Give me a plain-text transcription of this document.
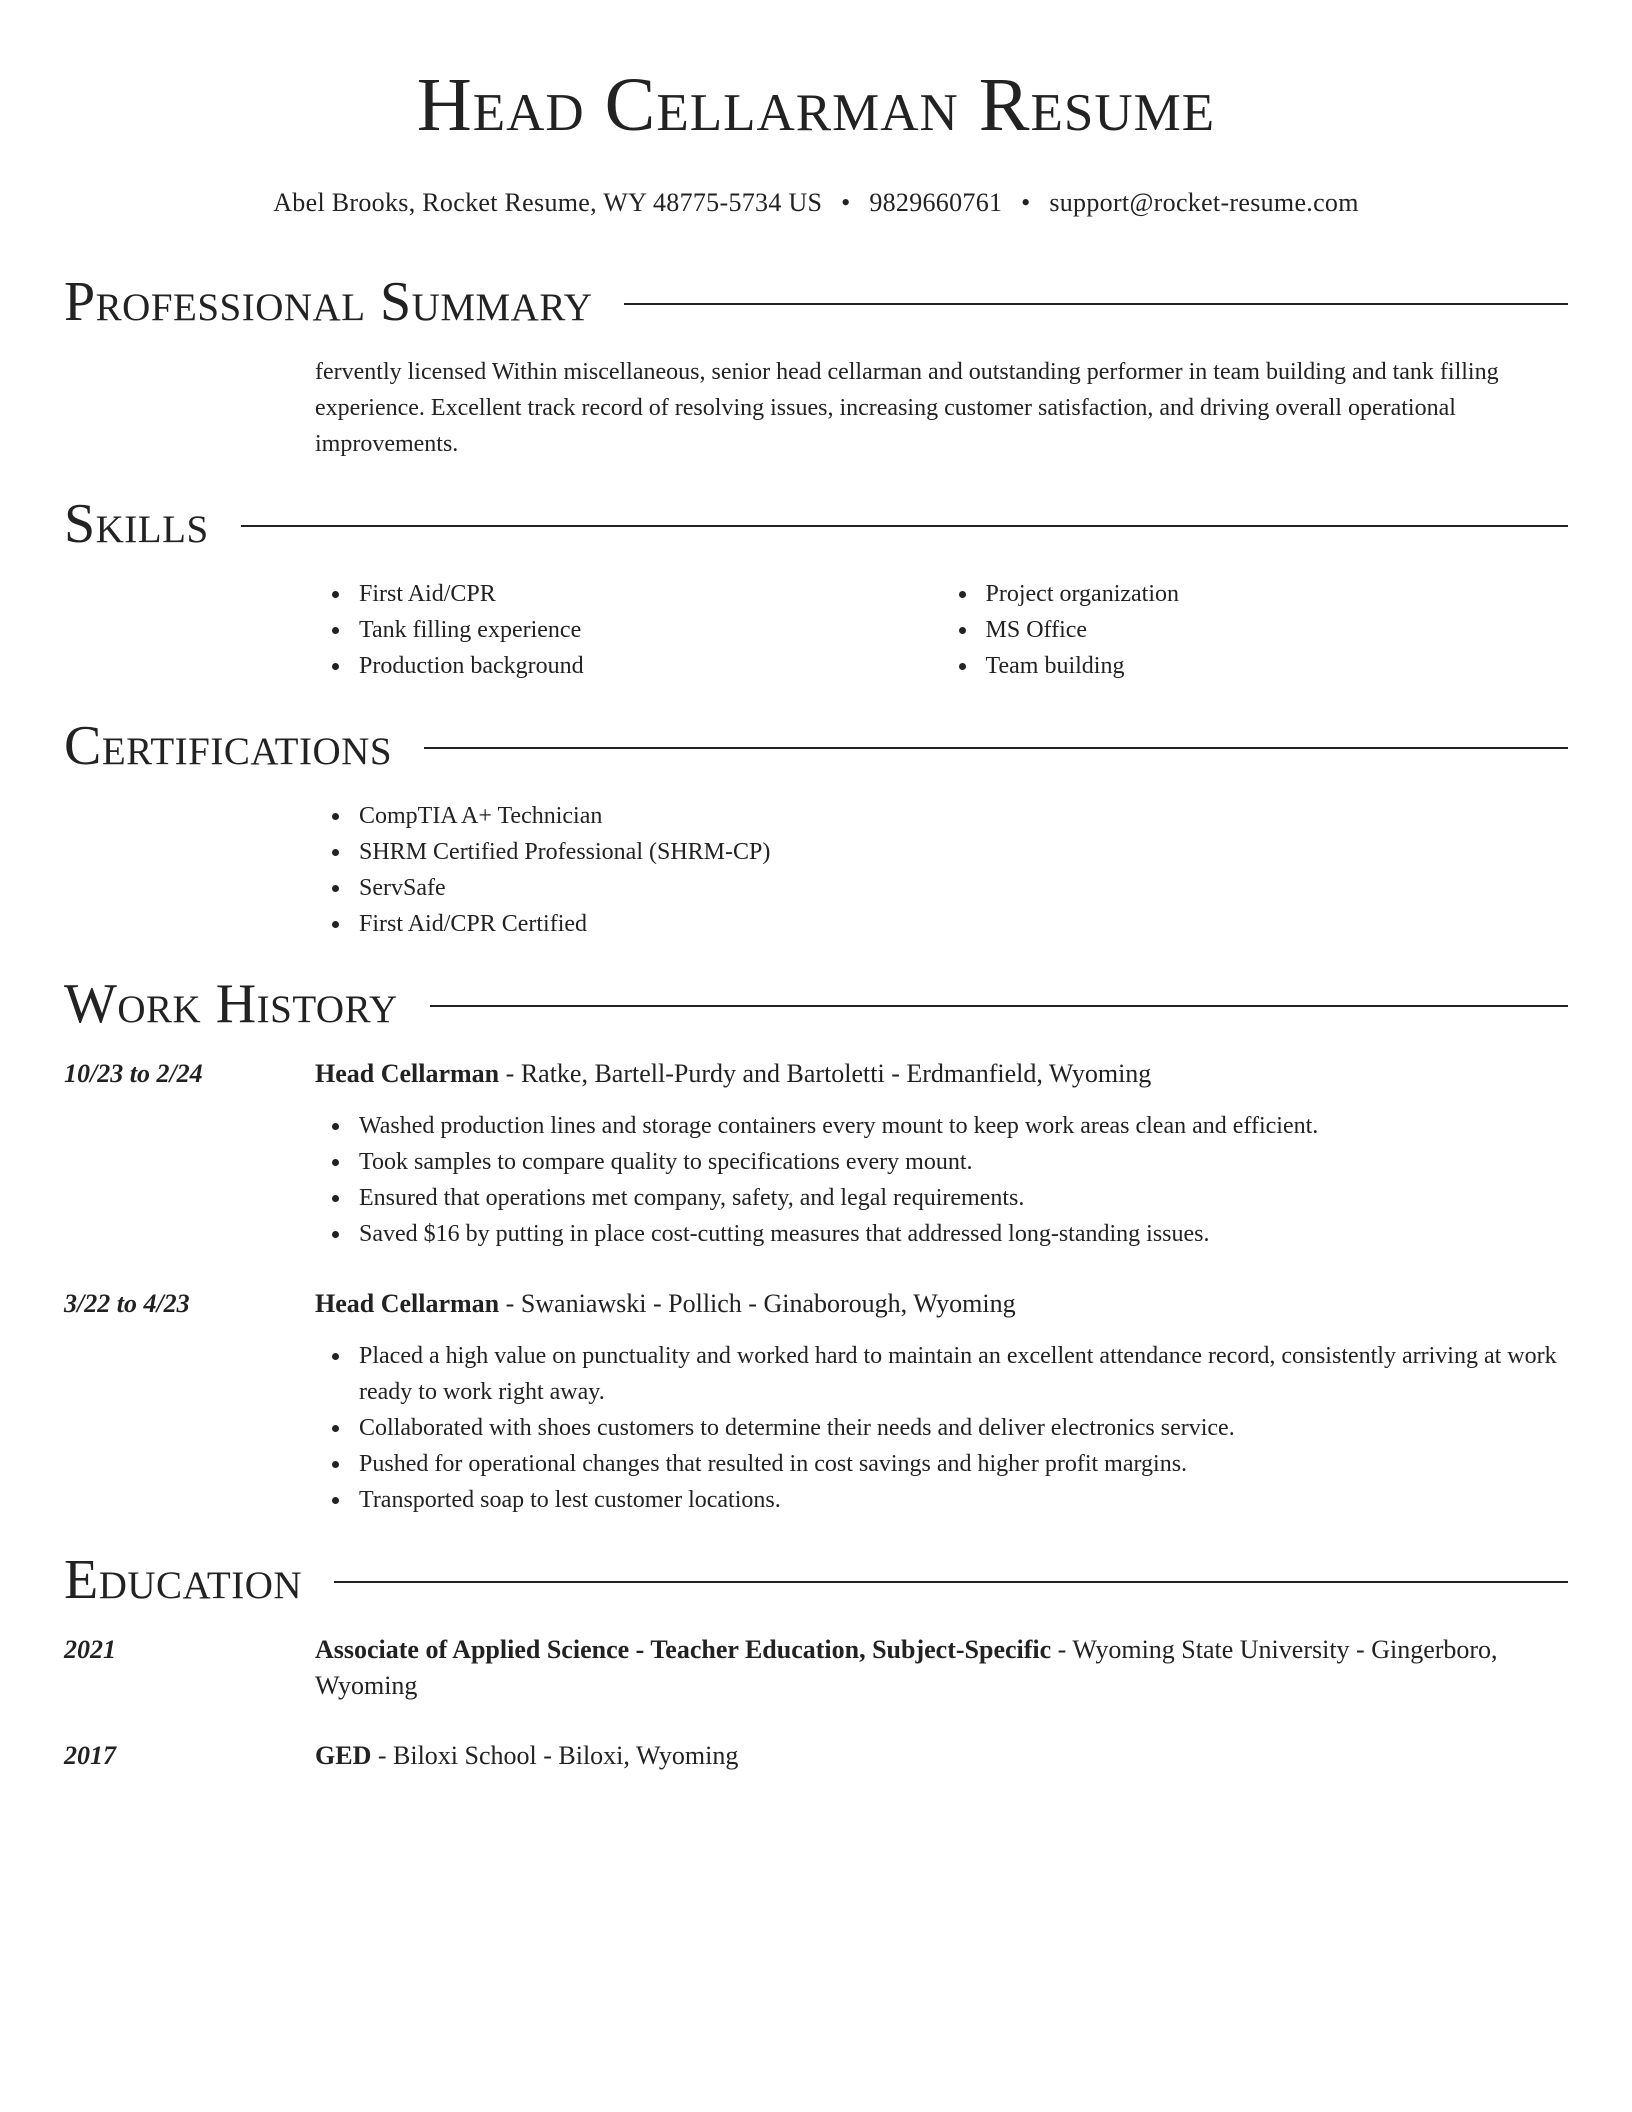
Head Cellarman Resume
Abel Brooks, Rocket Resume, WY 48775-5734 US • 9829660761 • support@rocket-resume.com
Professional Summary

fervently licensed Within miscellaneous, senior head cellarman and outstanding performer in team building and tank filling experience. Excellent track record of resolving issues, increasing customer satisfaction, and driving overall operational improvements.

Skills
First Aid/CPR
Tank filling experience
Production background
Project organization
MS Office
Team building
Certifications
CompTIA A+ Technician
SHRM Certified Professional (SHRM-CP)
ServSafe
First Aid/CPR Certified
Work History
10/23 to 2/24	Head Cellarman - Ratke, Bartell-Purdy and Bartoletti - Erdmanfield, Wyoming
Washed production lines and storage containers every mount to keep work areas clean and efficient.
Took samples to compare quality to specifications every mount.
Ensured that operations met company, safety, and legal requirements.
Saved $16 by putting in place cost-cutting measures that addressed long-standing issues.
3/22 to 4/23	Head Cellarman - Swaniawski - Pollich - Ginaborough, Wyoming
Placed a high value on punctuality and worked hard to maintain an excellent attendance record, consistently arriving at work ready to work right away.
Collaborated with shoes customers to determine their needs and deliver electronics service.
Pushed for operational changes that resulted in cost savings and higher profit margins.
Transported soap to lest customer locations.
Education
2021	Associate of Applied Science - Teacher Education, Subject-Specific - Wyoming State University - Gingerboro, Wyoming
2017	GED - Biloxi School - Biloxi, Wyoming
